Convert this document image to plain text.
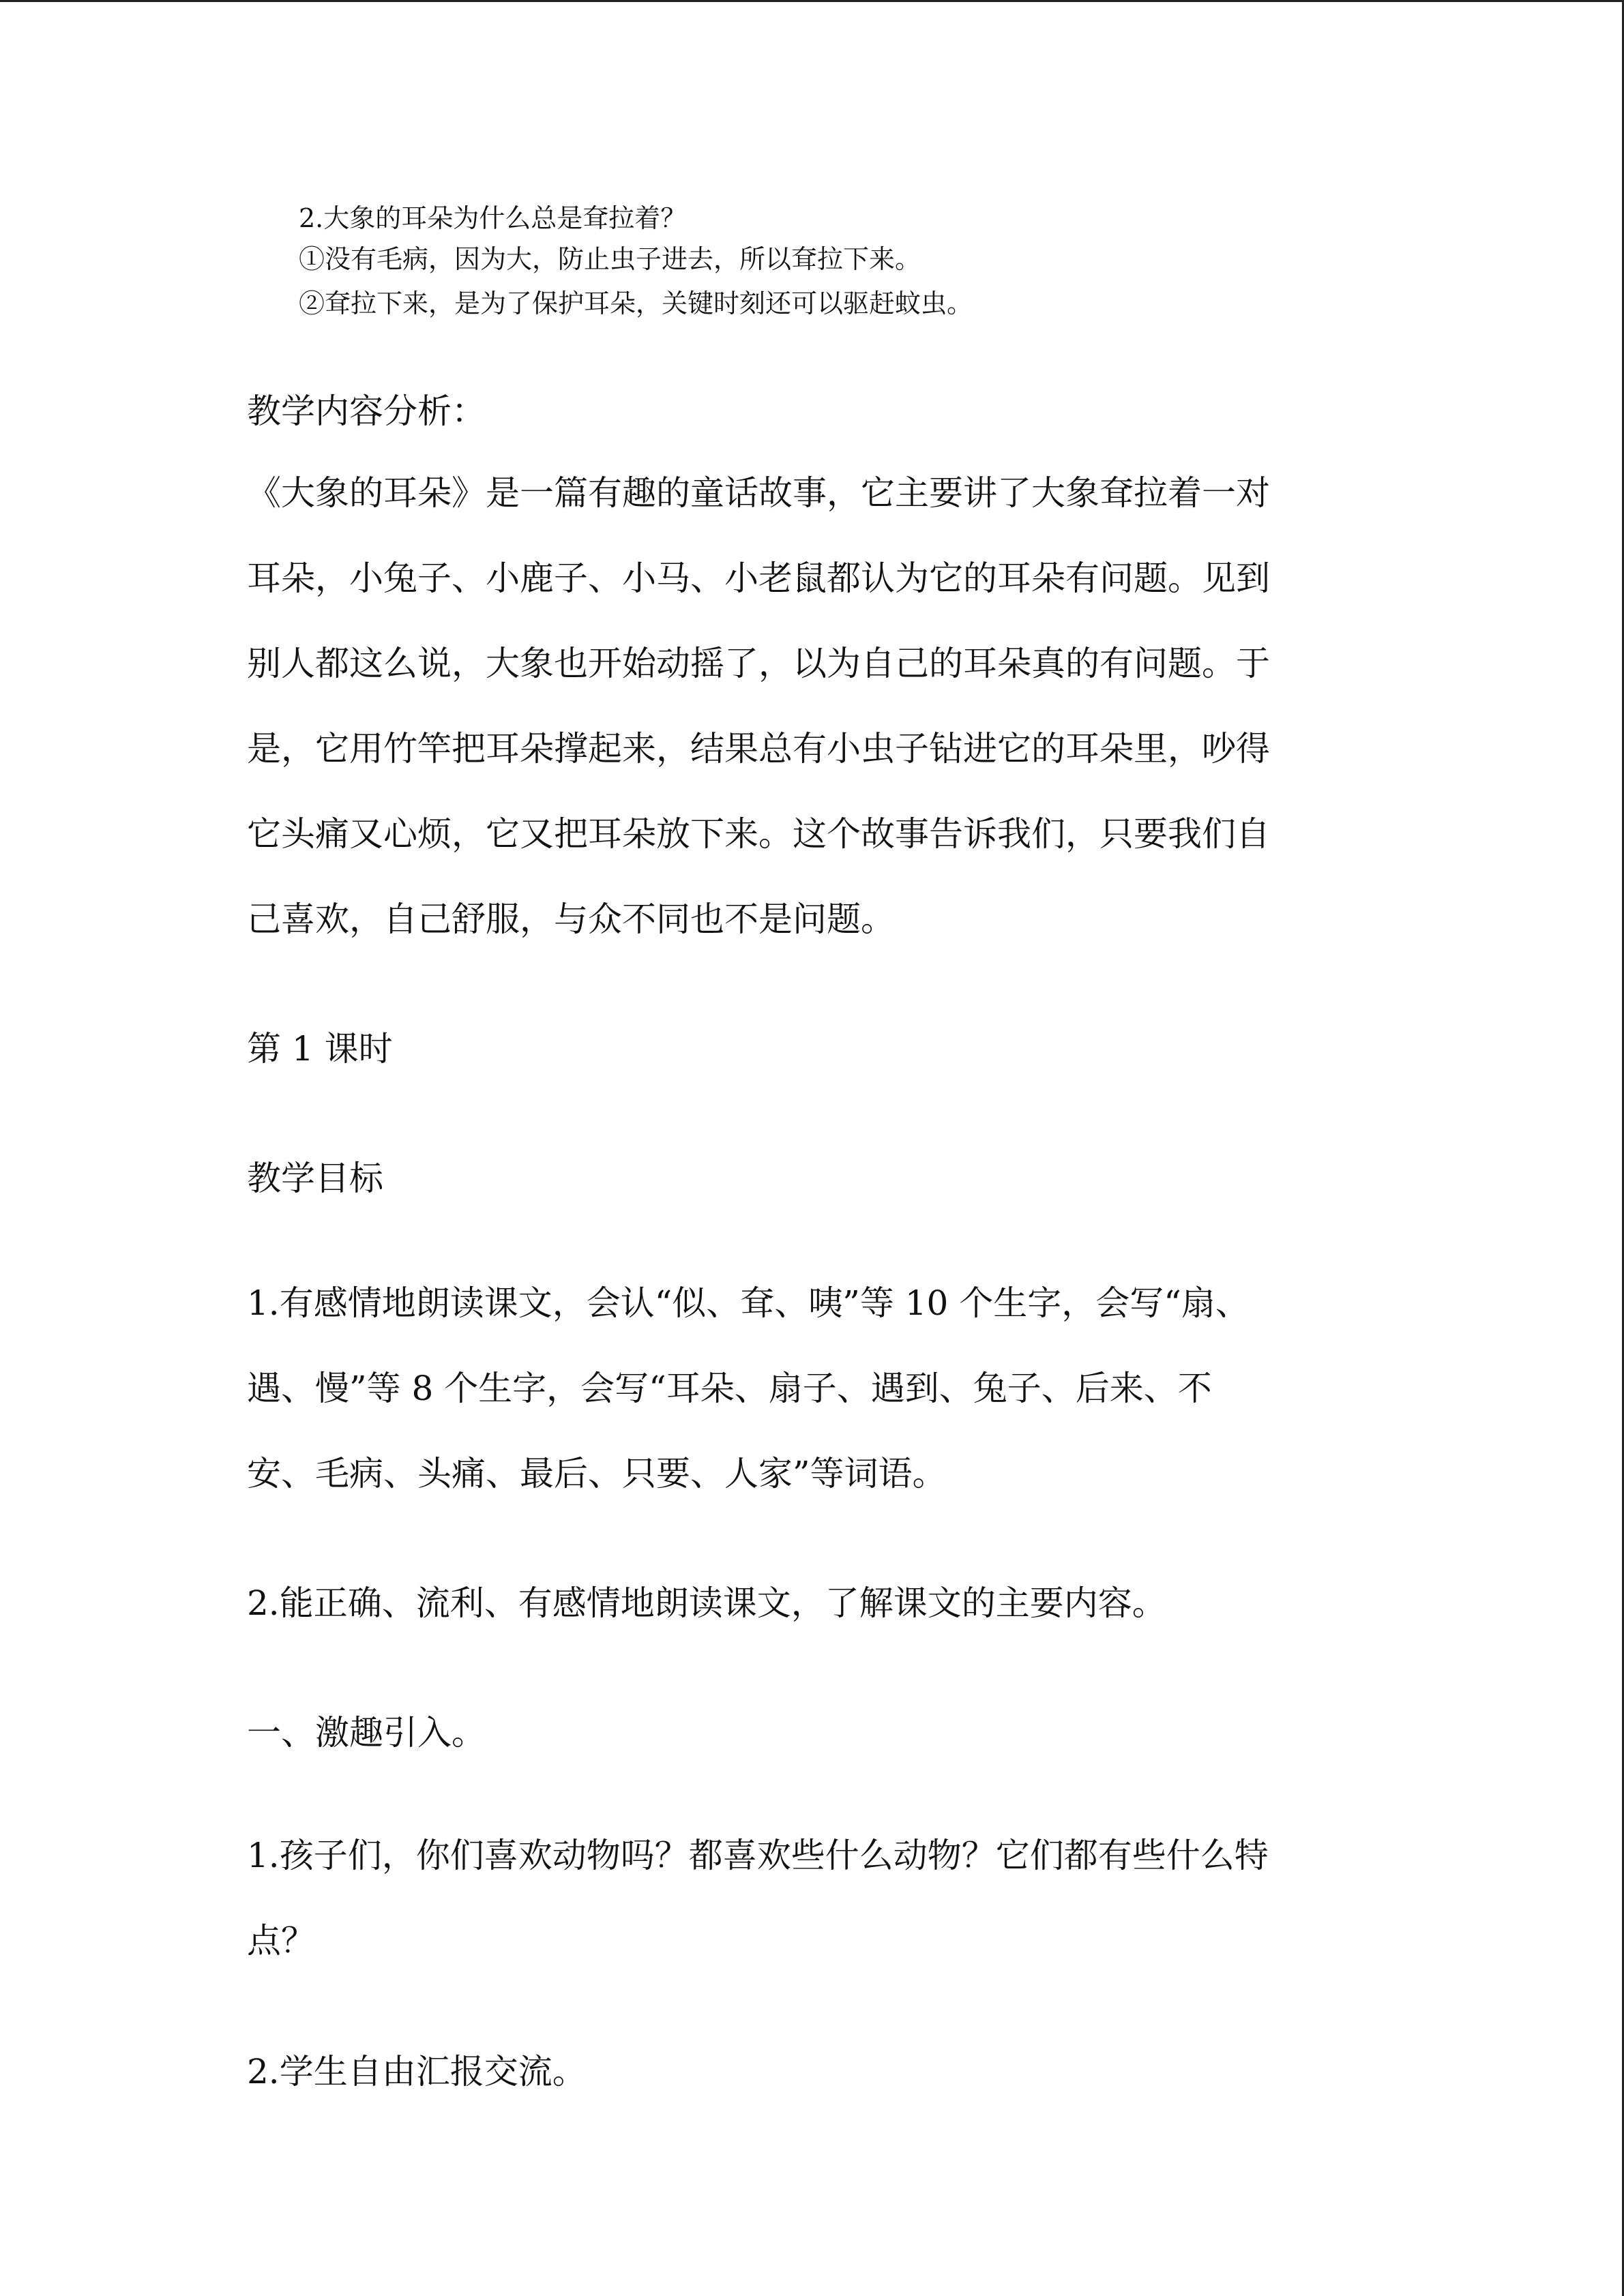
2.大象的耳朵为什么总是耷拉着？
①没有毛病，因为大，防止虫子进去，所以耷拉下来。
②耷拉下来，是为了保护耳朵，关键时刻还可以驱赶蚊虫。
教学内容分析：
《大象的耳朵》是一篇有趣的童话故事，它主要讲了大象耷拉着一对
耳朵，小兔子、小鹿子、小马、小老鼠都认为它的耳朵有问题。见到
别人都这么说，大象也开始动摇了，以为自己的耳朵真的有问题。于
是，它用竹竿把耳朵撑起来，结果总有小虫子钻进它的耳朵里，吵得
它头痛又心烦，它又把耳朵放下来。这个故事告诉我们，只要我们自
己喜欢，自己舒服，与众不同也不是问题。
第 1 课时
教学目标
1.有感情地朗读课文，会认“似、耷、咦”等 10 个生字，会写“扇、
遇、慢”等 8 个生字，会写“耳朵、扇子、遇到、兔子、后来、不
安、毛病、头痛、最后、只要、人家”等词语。
2.能正确、流利、有感情地朗读课文，了解课文的主要内容。
一、激趣引入。
1.孩子们，你们喜欢动物吗？都喜欢些什么动物？它们都有些什么特
点？
2.学生自由汇报交流。
